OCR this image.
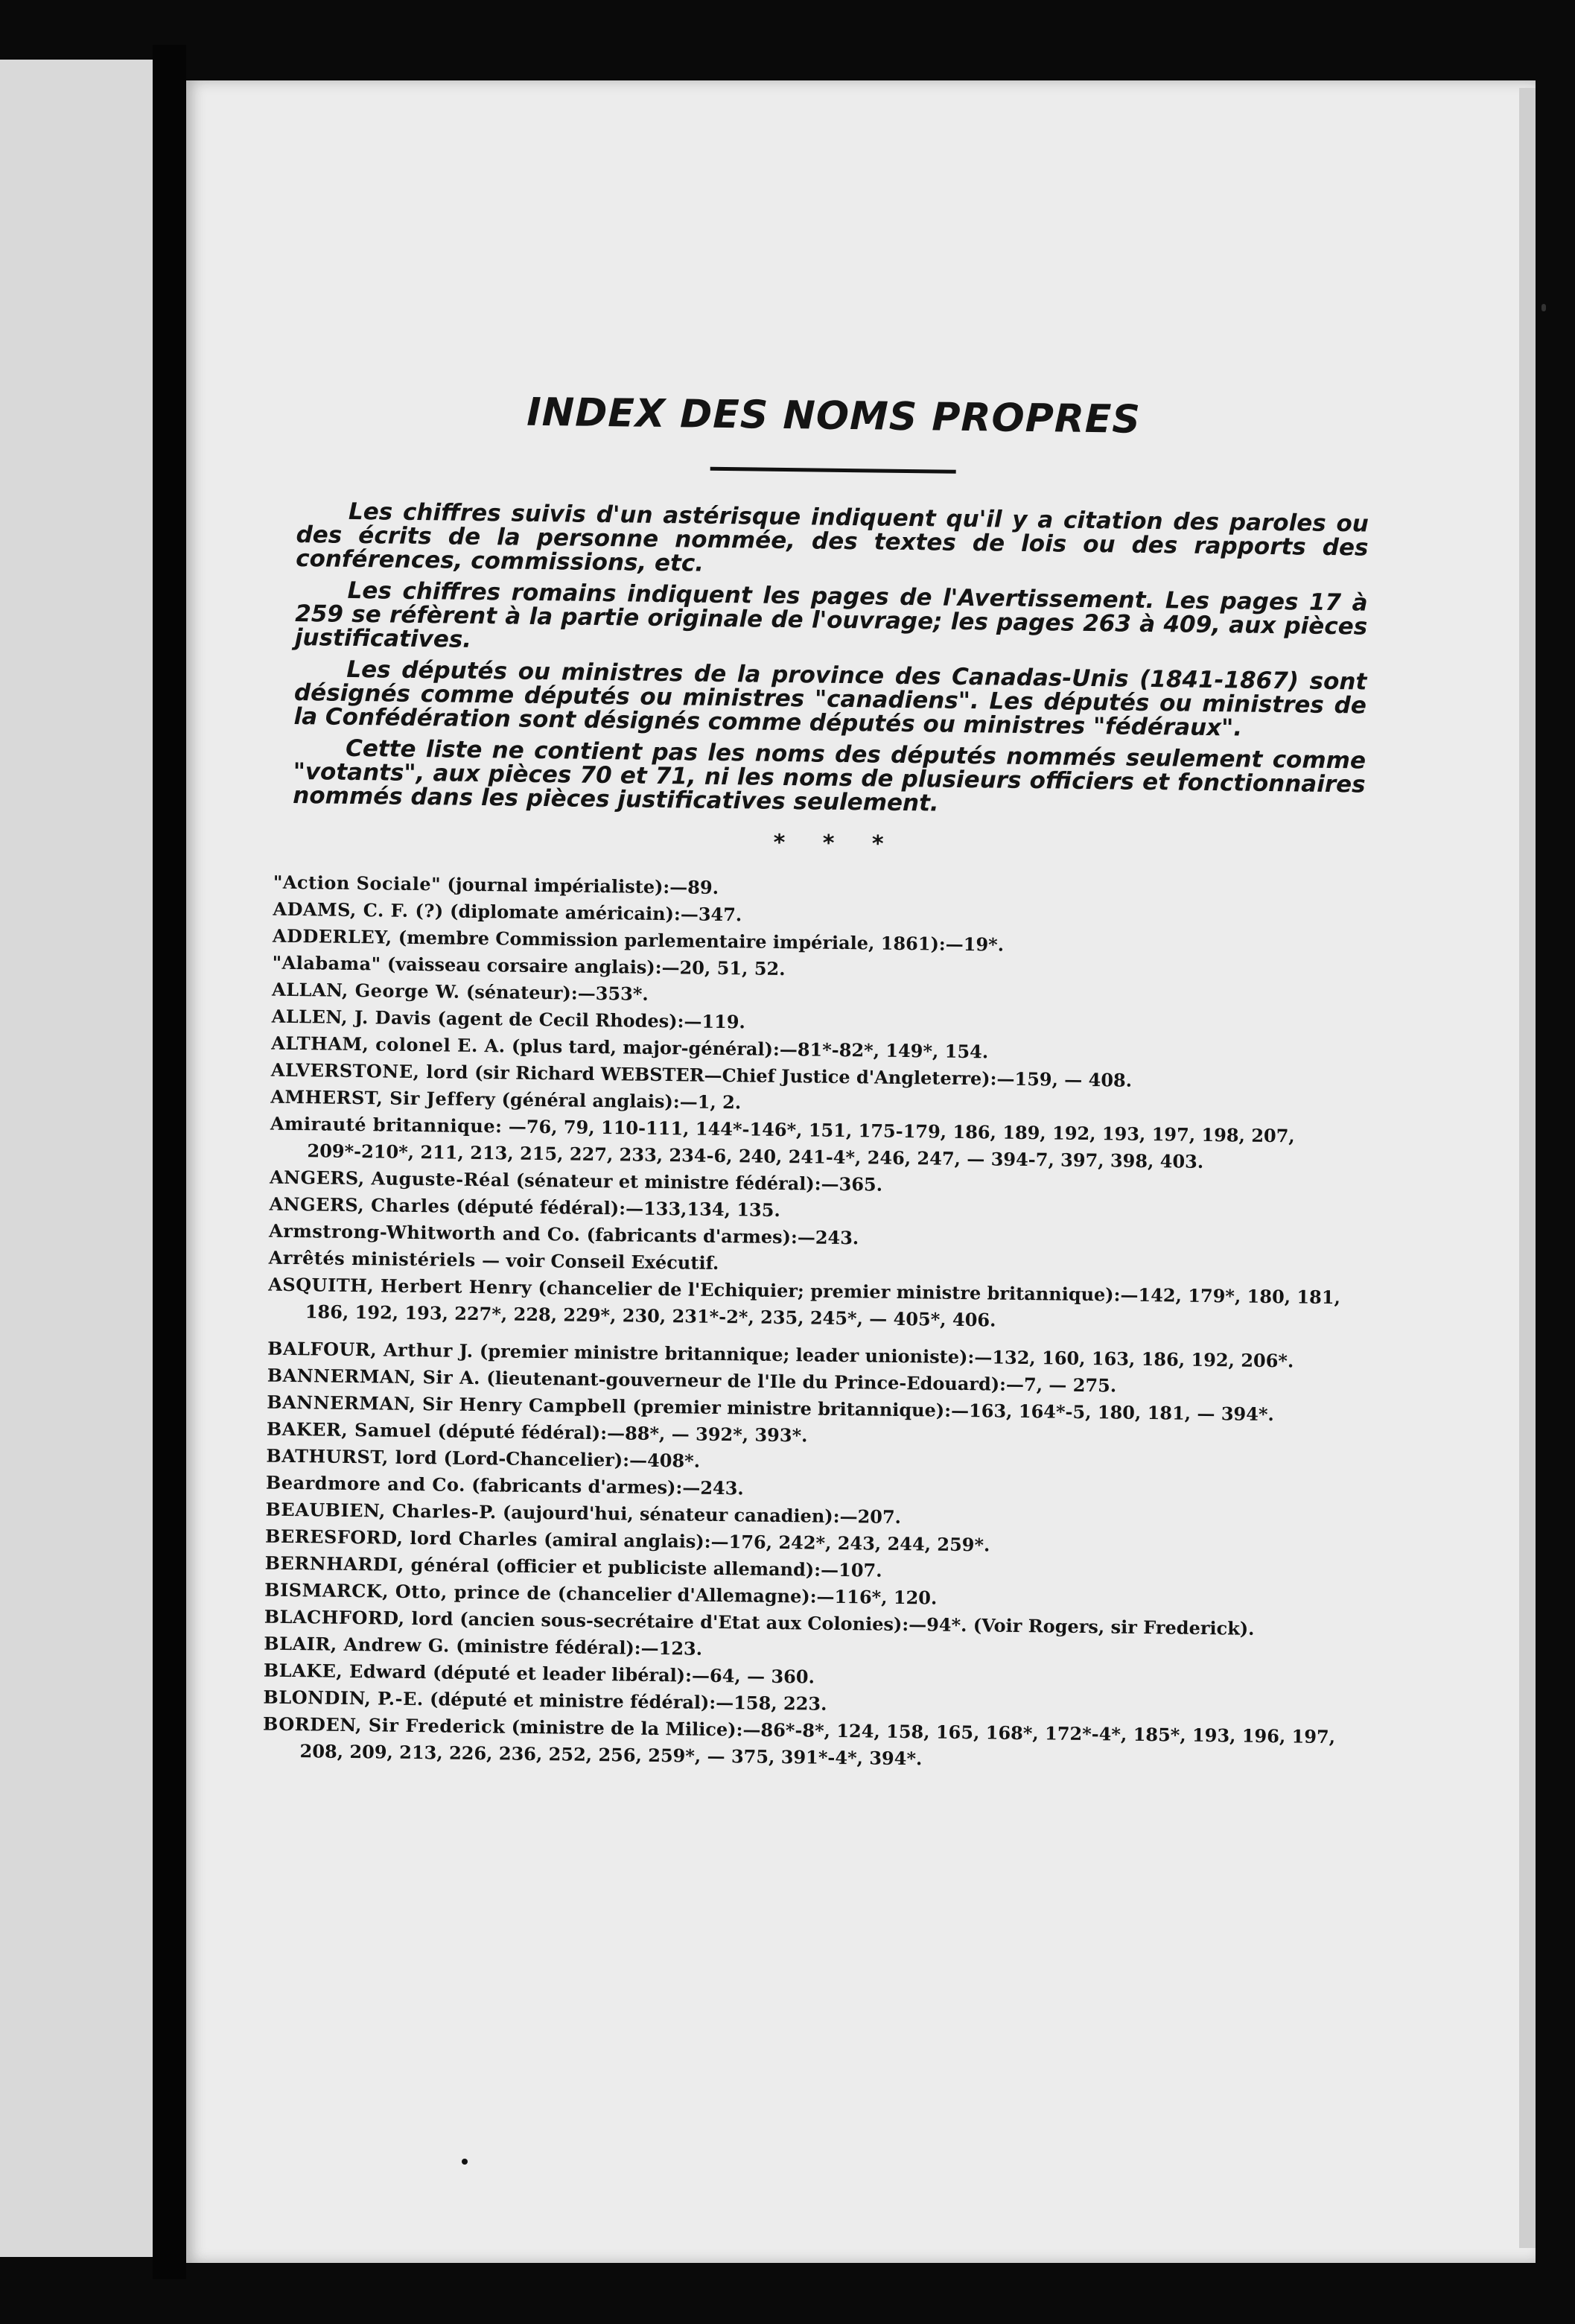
INDEX DES NOMS PROPRES

Les chiffres suivis d'un astérisque indiquent qu'il y a citation des paroles ou des écrits de la personne nommée, des textes de lois ou des rapports des conférences, commissions, etc.

Les chiffres romains indiquent les pages de l'Avertissement. Les pages 17 à 259 se réfèrent à la partie originale de l'ouvrage; les pages 263 à 409, aux pièces justificatives.

Les députés ou ministres de la province des Canadas-Unis (1841-1867) sont désignés comme députés ou ministres "canadiens". Les députés ou ministres de la Confédération sont désignés comme députés ou ministres "fédéraux".

Cette liste ne contient pas les noms des députés nommés seulement comme "votants", aux pièces 70 et 71, ni les noms de plusieurs officiers et fonctionnaires nommés dans les pièces justificatives seulement.

* * *
"Action Sociale" (journal impérialiste):—89.
ADAMS, C. F. (?) (diplomate américain):—347.
ADDERLEY, (membre Commission parlementaire impériale, 1861):—19*.
"Alabama" (vaisseau corsaire anglais):—20, 51, 52.
ALLAN, George W. (sénateur):—353*.
ALLEN, J. Davis (agent de Cecil Rhodes):—119.
ALTHAM, colonel E. A. (plus tard, major-général):—81*-82*, 149*, 154.
ALVERSTONE, lord (sir Richard WEBSTER—Chief Justice d'Angleterre):—159, — 408.
AMHERST, Sir Jeffery (général anglais):—1, 2.
Amirauté britannique: —76, 79, 110-111, 144*-146*, 151, 175-179, 186, 189, 192, 193, 197, 198, 207, 209*-210*, 211, 213, 215, 227, 233, 234-6, 240, 241-4*, 246, 247, — 394-7, 397, 398, 403.
ANGERS, Auguste-Réal (sénateur et ministre fédéral):—365.
ANGERS, Charles (député fédéral):—133,134, 135.
Armstrong-Whitworth and Co. (fabricants d'armes):—243.
Arrêtés ministériels — voir Conseil Exécutif.
ASQUITH, Herbert Henry (chancelier de l'Echiquier; premier ministre britannique):—142, 179*, 180, 181, 186, 192, 193, 227*, 228, 229*, 230, 231*-2*, 235, 245*, — 405*, 406.
BALFOUR, Arthur J. (premier ministre britannique; leader unioniste):—132, 160, 163, 186, 192, 206*.
BANNERMAN, Sir A. (lieutenant-gouverneur de l'Ile du Prince-Edouard):—7, — 275.
BANNERMAN, Sir Henry Campbell (premier ministre britannique):—163, 164*-5, 180, 181, — 394*.
BAKER, Samuel (député fédéral):—88*, — 392*, 393*.
BATHURST, lord (Lord-Chancelier):—408*.
Beardmore and Co. (fabricants d'armes):—243.
BEAUBIEN, Charles-P. (aujourd'hui, sénateur canadien):—207.
BERESFORD, lord Charles (amiral anglais):—176, 242*, 243, 244, 259*.
BERNHARDI, général (officier et publiciste allemand):—107.
BISMARCK, Otto, prince de (chancelier d'Allemagne):—116*, 120.
BLACHFORD, lord (ancien sous-secrétaire d'Etat aux Colonies):—94*. (Voir Rogers, sir Frederick).
BLAIR, Andrew G. (ministre fédéral):—123.
BLAKE, Edward (député et leader libéral):—64, — 360.
BLONDIN, P.-E. (député et ministre fédéral):—158, 223.
BORDEN, Sir Frederick (ministre de la Milice):—86*-8*, 124, 158, 165, 168*, 172*-4*, 185*, 193, 196, 197, 208, 209, 213, 226, 236, 252, 256, 259*, — 375, 391*-4*, 394*.
